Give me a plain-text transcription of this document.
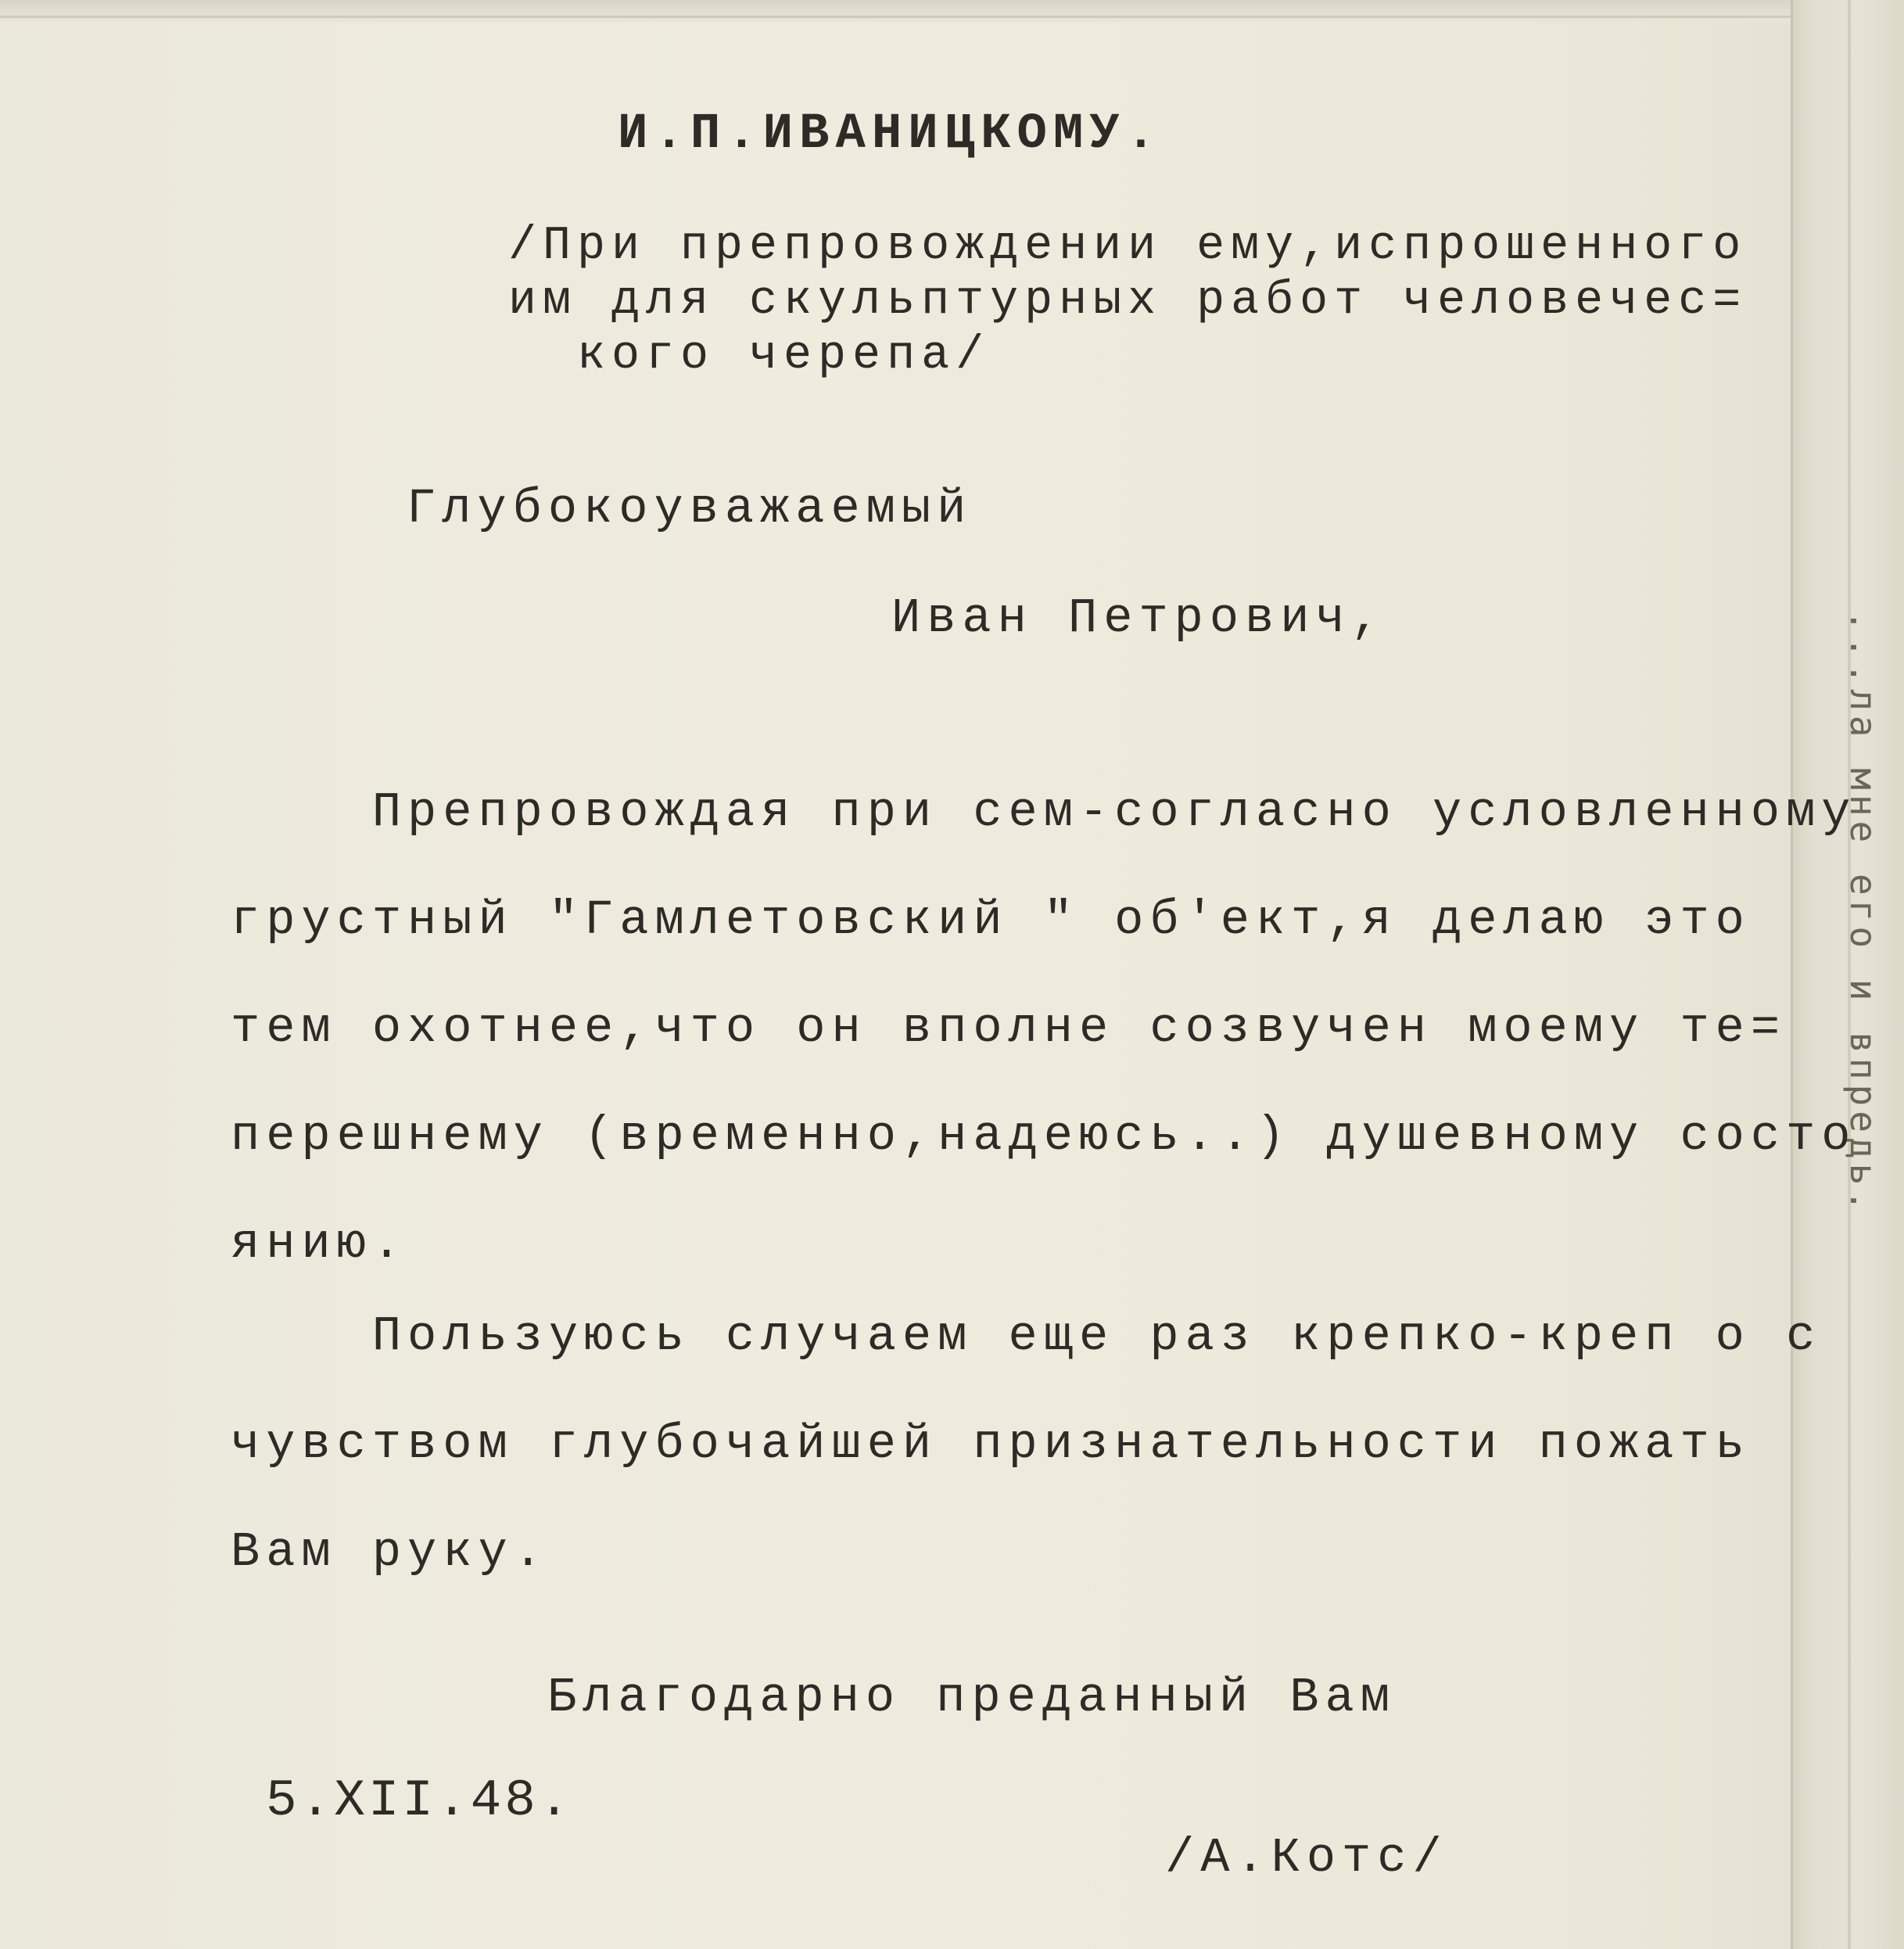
...ла мне его и впредь.
И.П.ИВАНИЦКОМУ.
/При препровождении ему,испрошенного
им для скульптурных работ человечес=
кого черепа/
Глубокоуважаемый
Иван Петрович,
Препровождая при сем-согласно условленному
грустный "Гамлетовский " об'ект,я делаю это
тем охотнее,что он вполне созвучен моему те=
перешнему (временно,надеюсь..) душевному состо
янию.
Пользуюсь случаем еще раз крепко-креп о с
чувством глубочайшей признательности пожать
Вам руку.
Благодарно преданный Вам
5.XII.48.
/А.Котс/
